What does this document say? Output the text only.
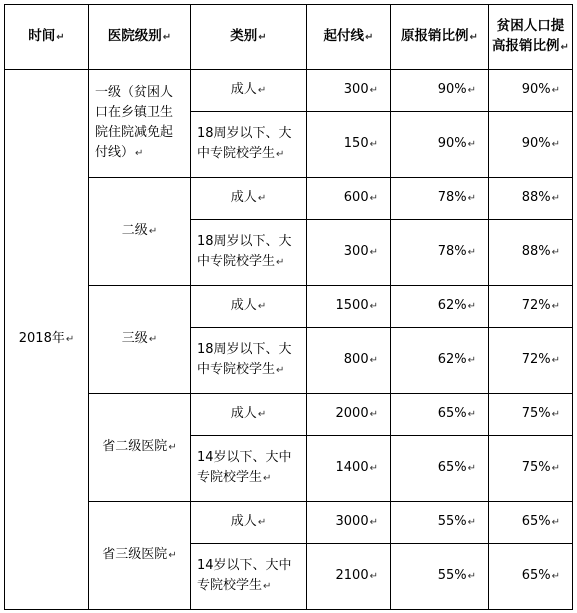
时间↵	医院级别↵	类别↵	起付线↵	原报销比例↵	贫困人口提高报销比例↵
2018年↵	一级（贫困人口在乡镇卫生院住院减免起付线）↵	成人↵	300↵	90%↵	90%↵
		18周岁以下、大中专院校学生↵	150↵	90%↵	90%↵
	二级↵	成人↵	600↵	78%↵	88%↵
		18周岁以下、大中专院校学生↵	300↵	78%↵	88%↵
	三级↵	成人↵	1500↵	62%↵	72%↵
		18周岁以下、大中专院校学生↵	800↵	62%↵	72%↵
	省二级医院↵	成人↵	2000↵	65%↵	75%↵
		14岁以下、大中专院校学生↵	1400↵	65%↵	75%↵
	省三级医院↵	成人↵	3000↵	55%↵	65%↵
		14岁以下、大中专院校学生↵	2100↵	55%↵	65%↵
